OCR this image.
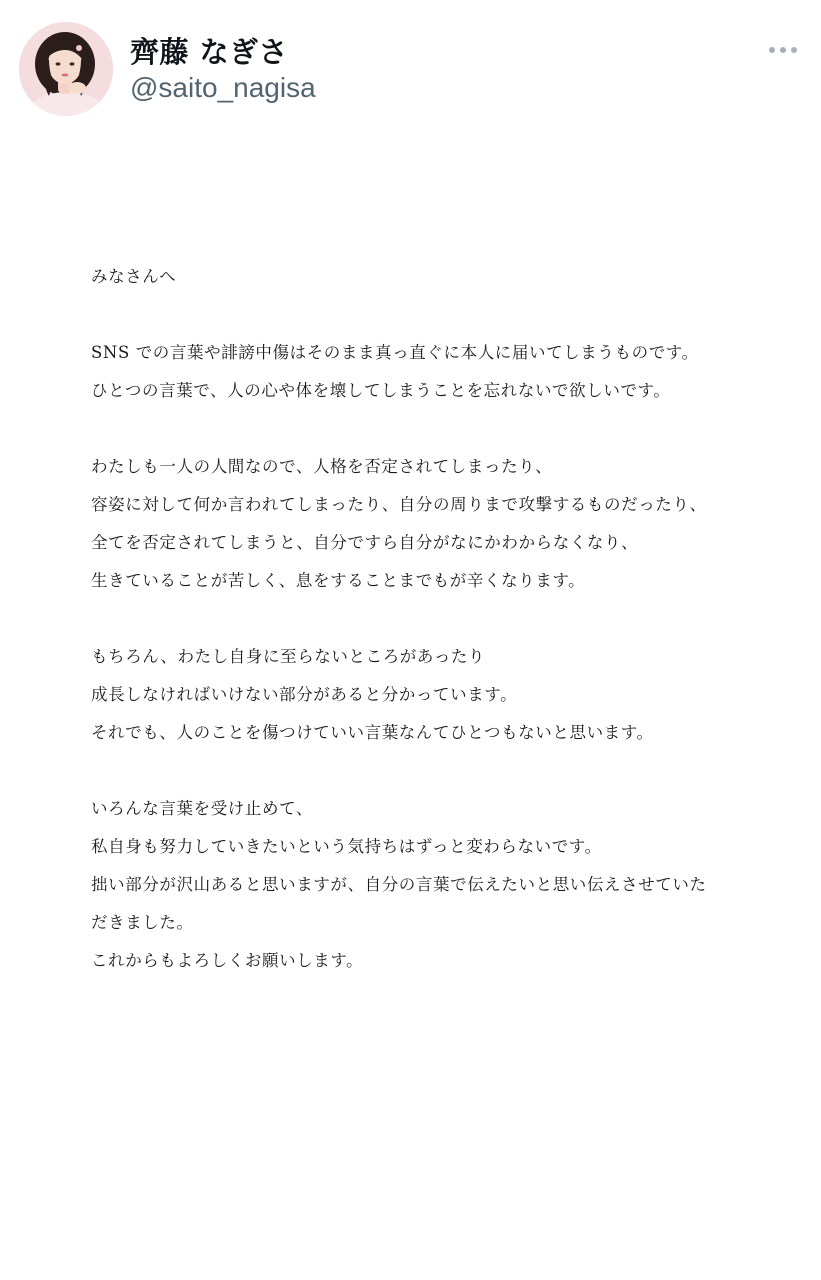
齊藤 なぎさ
@saito_nagisa
みなさんへ
SNS での言葉や誹謗中傷はそのまま真っ直ぐに本人に届いてしまうものです。
ひとつの言葉で、人の心や体を壊してしまうことを忘れないで欲しいです。
わたしも一人の人間なので、人格を否定されてしまったり、
容姿に対して何か言われてしまったり、自分の周りまで攻撃するものだったり、
全てを否定されてしまうと、自分ですら自分がなにかわからなくなり、
生きていることが苦しく、息をすることまでもが辛くなります。
もちろん、わたし自身に至らないところがあったり
成長しなければいけない部分があると分かっています。
それでも、人のことを傷つけていい言葉なんてひとつもないと思います。
いろんな言葉を受け止めて、
私自身も努力していきたいという気持ちはずっと変わらないです。
拙い部分が沢山あると思いますが、自分の言葉で伝えたいと思い伝えさせていた
だきました。
これからもよろしくお願いします。
